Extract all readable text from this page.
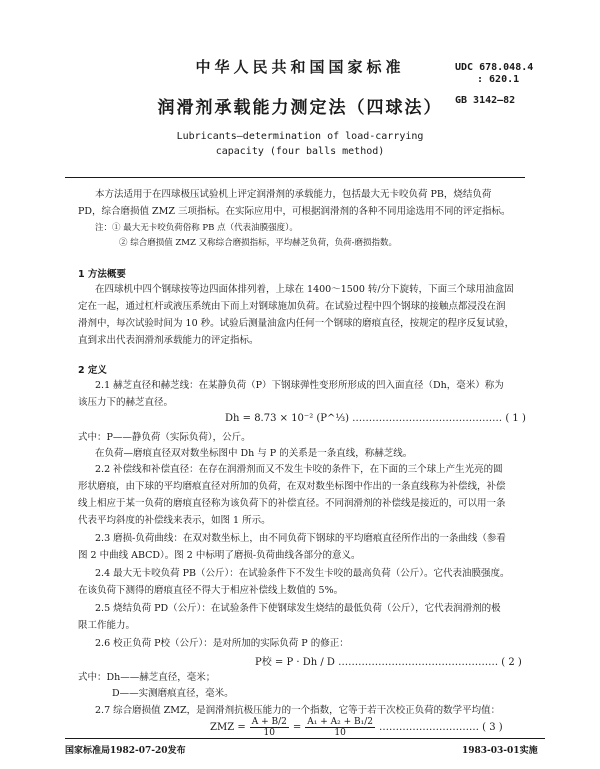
中华人民共和国国家标准	UDC 678.048.4
: 620.1
GB 3142—82
润滑剂承载能力测定法（四球法）
Lubricants—determination of load-carrying
capacity (four balls method)
本方法适用于在四球极压试验机上评定润滑剂的承载能力，包括最大无卡咬负荷 PB，烧结负荷
PD，综合磨损值 ZMZ 三项指标。在实际应用中，可根据润滑剂的各种不同用途选用不同的评定指标。
注：① 最大无卡咬负荷俗称 PB 点（代表油膜强度）。
② 综合磨损值 ZMZ 又称综合磨损指标，平均赫芝负荷，负荷-磨损指数。
1 方法概要
在四球机中四个钢球按等边四面体排列着，上球在 1400～1500 转/分下旋转，下面三个球用油盒固
定在一起，通过杠杆或液压系统由下而上对钢球施加负荷。在试验过程中四个钢球的接触点都浸没在润
滑剂中，每次试验时间为 10 秒。试验后测量油盒内任何一个钢球的磨痕直径，按规定的程序反复试验，
直到求出代表润滑剂承载能力的评定指标。
2 定义
2.1 赫芝直径和赫芝线：在某静负荷（P）下钢球弹性变形所形成的凹入面直径（Dh，毫米）称为
该压力下的赫芝直径。
Dh = 8.73 × 10⁻² (P^⅓) ……………………………………… ( 1 )
式中：P——静负荷（实际负荷），公斤。
在负荷—磨痕直径双对数坐标图中 Dh 与 P 的关系是一条直线，称赫芝线。
2.2 补偿线和补偿直径：在存在润滑剂而又不发生卡咬的条件下，在下面的三个球上产生光亮的圆
形状磨痕，由下球的平均磨痕直径对所加的负荷，在双对数坐标图中作出的一条直线称为补偿线，补偿
线上相应于某一负荷的磨痕直径称为该负荷下的补偿直径。不同润滑剂的补偿线是接近的，可以用一条
代表平均斜度的补偿线来表示，如图 1 所示。
2.3 磨损-负荷曲线：在双对数坐标上，由不同负荷下钢球的平均磨痕直径所作出的一条曲线（参看
图 2 中曲线 ABCD）。图 2 中标明了磨损-负荷曲线各部分的意义。
2.4 最大无卡咬负荷 PB（公斤）：在试验条件下不发生卡咬的最高负荷（公斤）。它代表油膜强度。
在该负荷下测得的磨痕直径不得大于相应补偿线上数值的 5%。
2.5 烧结负荷 PD（公斤）：在试验条件下使钢球发生烧结的最低负荷（公斤），它代表润滑剂的极
限工作能力。
2.6 校正负荷 P校（公斤）：是对所加的实际负荷 P 的修正：
P校 = P · Dh / D ………………………………………… ( 2 )
式中：Dh——赫芝直径，毫米；
D——实测磨痕直径，毫米。
2.7 综合磨损值 ZMZ，是润滑剂抗极压能力的一个指数，它等于若干次校正负荷的数学平均值：
ZMZ = $\frac{A + B/2}{10} = \frac{\text{A₁ + A₂ + B₁/2}}{10}$ ………………………… ( 3 )
国家标准局1982-07-20发布	1983-03-01实施
